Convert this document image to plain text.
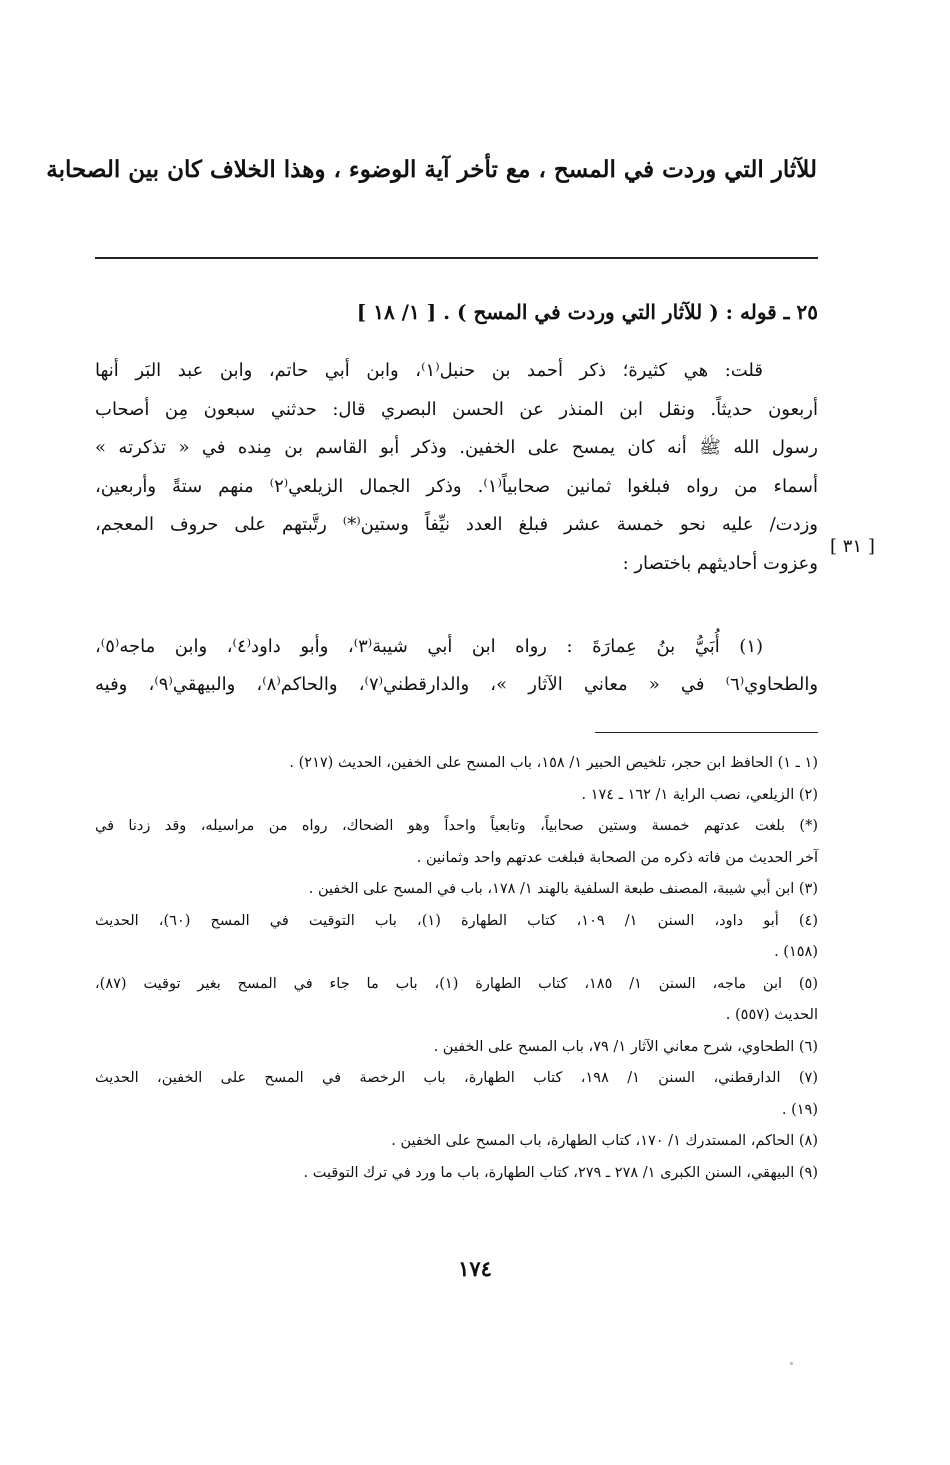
للآثار التي وردت في المسح ، مع تأخر آية الوضوء ، وهذا الخلاف كان بين الصحابة
٢٥ ـ قوله : ( للآثار التي وردت في المسح ) . [ ١/ ١٨ ]
قلت: هي كثيرة؛ ذكر أحمد بن حنبل⁽١⁾، وابن أبي حاتم، وابن عبد البَر أنها
أربعون حديثاً. ونقل ابن المنذر عن الحسن البصري قال: حدثني سبعون مِن أصحاب
رسول الله ﷺ أنه كان يمسح على الخفين. وذكر أبو القاسم بن مِنده في « تذكرته »
أسماء من رواه فبلغوا ثمانين صحابياً⁽١⁾. وذكر الجمال الزيلعي⁽٢⁾ منهم ستةً وأربعين،
وزدت/ عليه نحو خمسة عشر فبلغ العدد نيِّفاً وستين⁽*⁾ رتَّبتهم على حروف المعجم،
وعزوت أحاديثهم باختصار :
[ ٣١ ]
(١) أُبَيُّ بنُ عِمارَةَ : رواه ابن أبي شيبة⁽٣⁾، وأبو داود⁽٤⁾، وابن ماجه⁽٥⁾،
والطحاوي⁽٦⁾ في « معاني الآثار »، والدارقطني⁽٧⁾، والحاكم⁽٨⁾، والبيهقي⁽٩⁾، وفيه
(١ ـ ١) الحافظ ابن حجر، تلخيص الحبير ١/ ١٥٨، باب المسح على الخفين، الحديث (٢١٧) .
(٢) الزيلعي، نصب الراية ١/ ١٦٢ ـ ١٧٤ .
(*) بلغت عدتهم خمسة وستين صحابياً، وتابعياً واحداً وهو الضحاك، رواه من مراسيله، وقد زدنا في
آخر الحديث من فاته ذكره من الصحابة فبلغت عدتهم واحد وثمانين .
(٣) ابن أبي شيبة، المصنف طبعة السلفية بالهند ١/ ١٧٨، باب في المسح على الخفين .
(٤) أبو داود، السنن ١/ ١٠٩، كتاب الطهارة (١)، باب التوقيت في المسح (٦٠)، الحديث
(١٥٨) .
(٥) ابن ماجه، السنن ١/ ١٨٥، كتاب الطهارة (١)، باب ما جاء في المسح بغير توقيت (٨٧)،
الحديث (٥٥٧) .
(٦) الطحاوي، شرح معاني الآثار ١/ ٧٩، باب المسح على الخفين .
(٧) الدارقطني، السنن ١/ ١٩٨، كتاب الطهارة، باب الرخصة في المسح على الخفين، الحديث
(١٩) .
(٨) الحاكم، المستدرك ١/ ١٧٠، كتاب الطهارة، باب المسح على الخفين .
(٩) البيهقي، السنن الكبرى ١/ ٢٧٨ ـ ٢٧٩، كتاب الطهارة، باب ما ورد في ترك التوقيت .
١٧٤
